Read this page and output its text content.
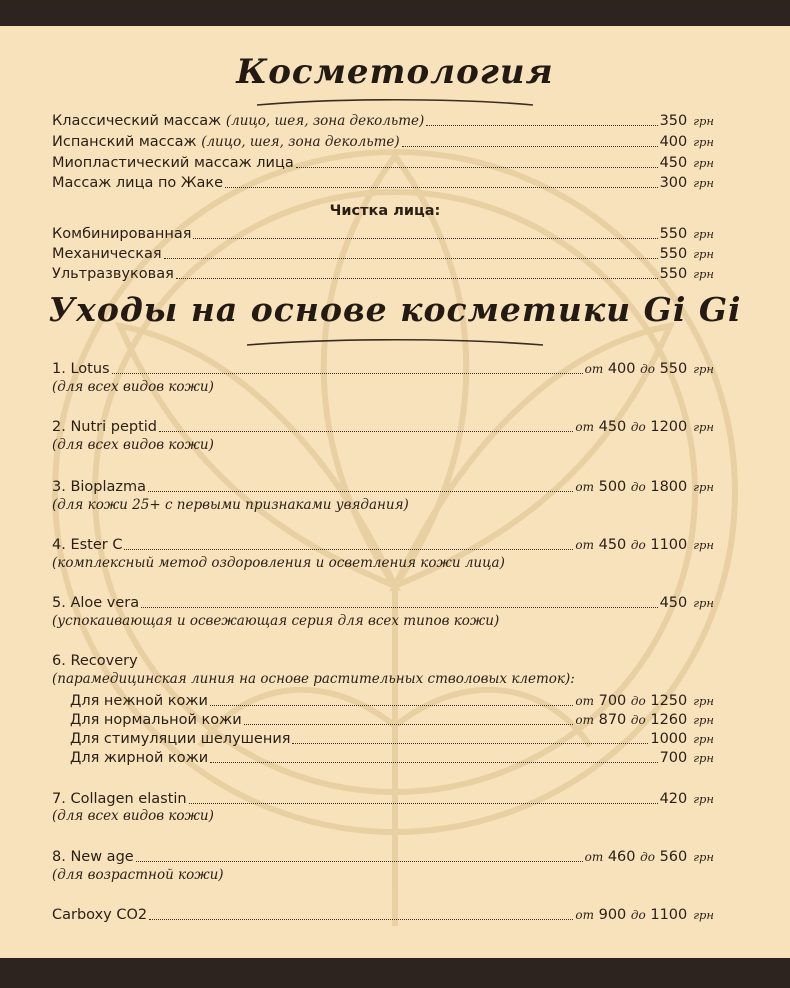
Косметология
Классический массаж (лицо, шея, зона декольте)	350 грн
Испанский массаж (лицо, шея, зона декольте)	400 грн
Миопластический массаж лица	450 грн
Массаж лица по Жаке	300 грн
Чистка лица:
Комбинированная	550 грн
Механическая	550 грн
Ультразвуковая	550 грн
Уходы на основе косметики Gi Gi
1. Lotus	от 400 до 550 грн
(для всех видов кожи)
2. Nutri peptid	от 450 до 1200 грн
(для всех видов кожи)
3. Bioplazma	от 500 до 1800 грн
(для кожи 25+ с первыми признаками увядания)
4. Ester C	от 450 до 1100 грн
(комплексный метод оздоровления и осветления кожи лица)
5. Aloe vera	450 грн
(успокаивающая и освежающая серия для всех типов кожи)
6. Recovery
(парамедицинская линия на основе растительных стволовых клеток):
Для нежной кожи	от 700 до 1250 грн
Для нормальной кожи	от 870 до 1260 грн
Для стимуляции шелушения	1000 грн
Для жирной кожи	700 грн
7. Collagen elastin	420 грн
(для всех видов кожи)
8. New age	от 460 до 560 грн
(для возрастной кожи)
Carboxy CO2	от 900 до 1100 грн
